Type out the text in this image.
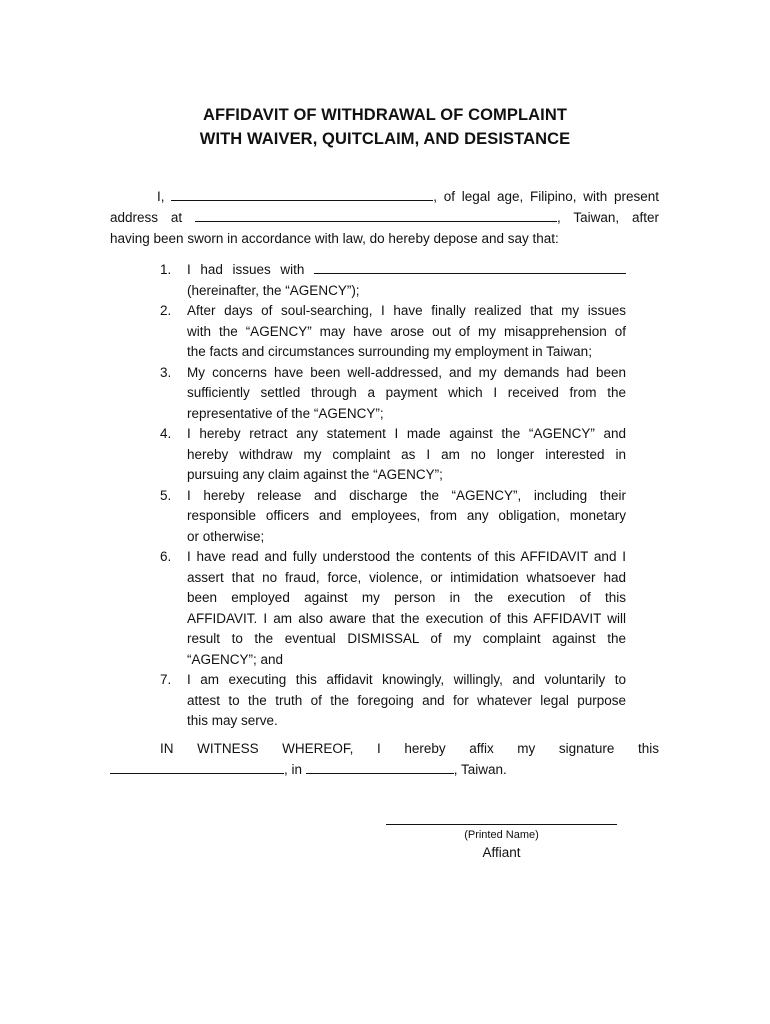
AFFIDAVIT OF WITHDRAWAL OF COMPLAINT
WITH WAIVER, QUITCLAIM, AND DESISTANCE
I,	, of legal age, Filipino, with present
address at	, Taiwan, after
having been sworn in accordance with law, do hereby depose and say that:
1. I had issues with
(hereinafter, the “AGENCY”);
2. After days of soul-searching, I have finally realized that my issues
with the “AGENCY” may have arose out of my misapprehension of
the facts and circumstances surrounding my employment in Taiwan;
3. My concerns have been well-addressed, and my demands had been
sufficiently settled through a payment which I received from the
representative of the “AGENCY”;
4. I hereby retract any statement I made against the “AGENCY” and
hereby withdraw my complaint as I am no longer interested in
pursuing any claim against the “AGENCY”;
5. I hereby release and discharge the “AGENCY”, including their
responsible officers and employees, from any obligation, monetary
or otherwise;
6. I have read and fully understood the contents of this AFFIDAVIT and I
assert that no fraud, force, violence, or intimidation whatsoever had
been employed against my person in the execution of this
AFFIDAVIT. I am also aware that the execution of this AFFIDAVIT will
result to the eventual DISMISSAL of my complaint against the
“AGENCY”; and
7. I am executing this affidavit knowingly, willingly, and voluntarily to
attest to the truth of the foregoing and for whatever legal purpose
this may serve.
IN WITNESS WHEREOF, I hereby affix my signature this
, in	, Taiwan.
(Printed Name)
Affiant
